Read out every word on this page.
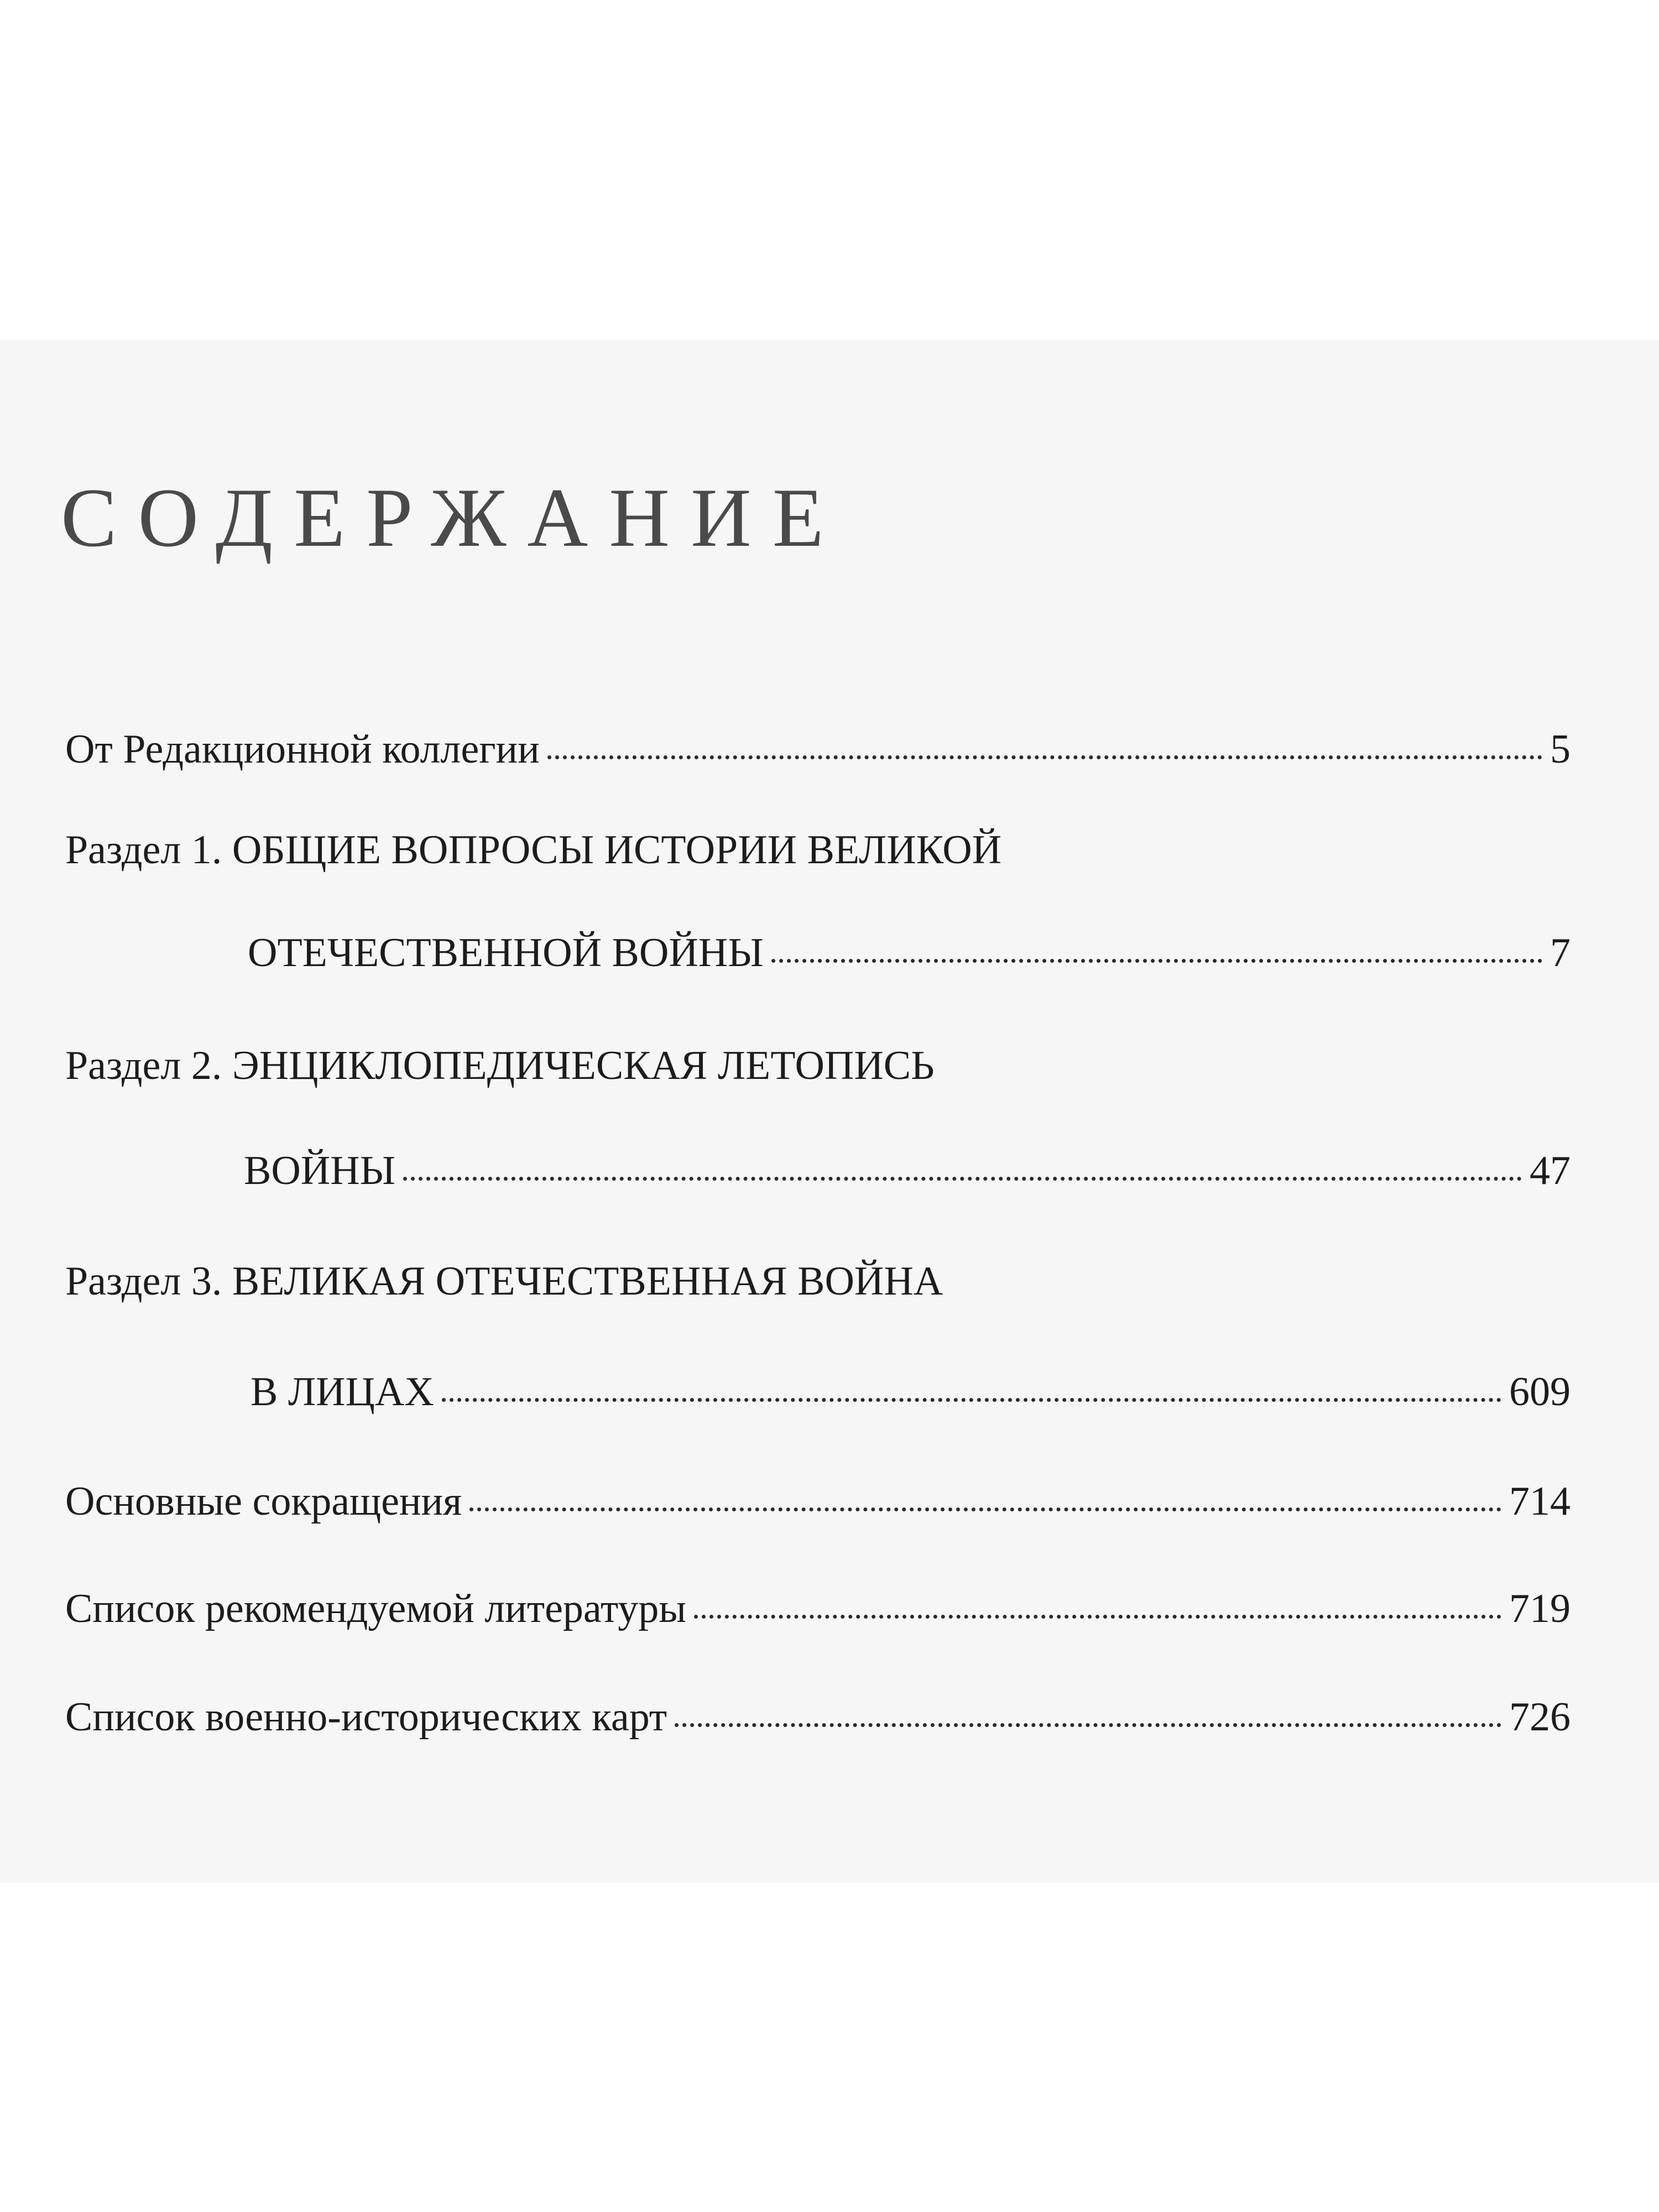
СОДЕРЖАНИЕ
От Редакционной коллегии	5
Раздел 1. ОБЩИЕ ВОПРОСЫ ИСТОРИИ ВЕЛИКОЙ
ОТЕЧЕСТВЕННОЙ ВОЙНЫ	7
Раздел 2. ЭНЦИКЛОПЕДИЧЕСКАЯ ЛЕТОПИСЬ
ВОЙНЫ	47
Раздел 3. ВЕЛИКАЯ ОТЕЧЕСТВЕННАЯ ВОЙНА
В ЛИЦАХ	609
Основные сокращения	714
Список рекомендуемой литературы	719
Список военно-исторических карт	726
